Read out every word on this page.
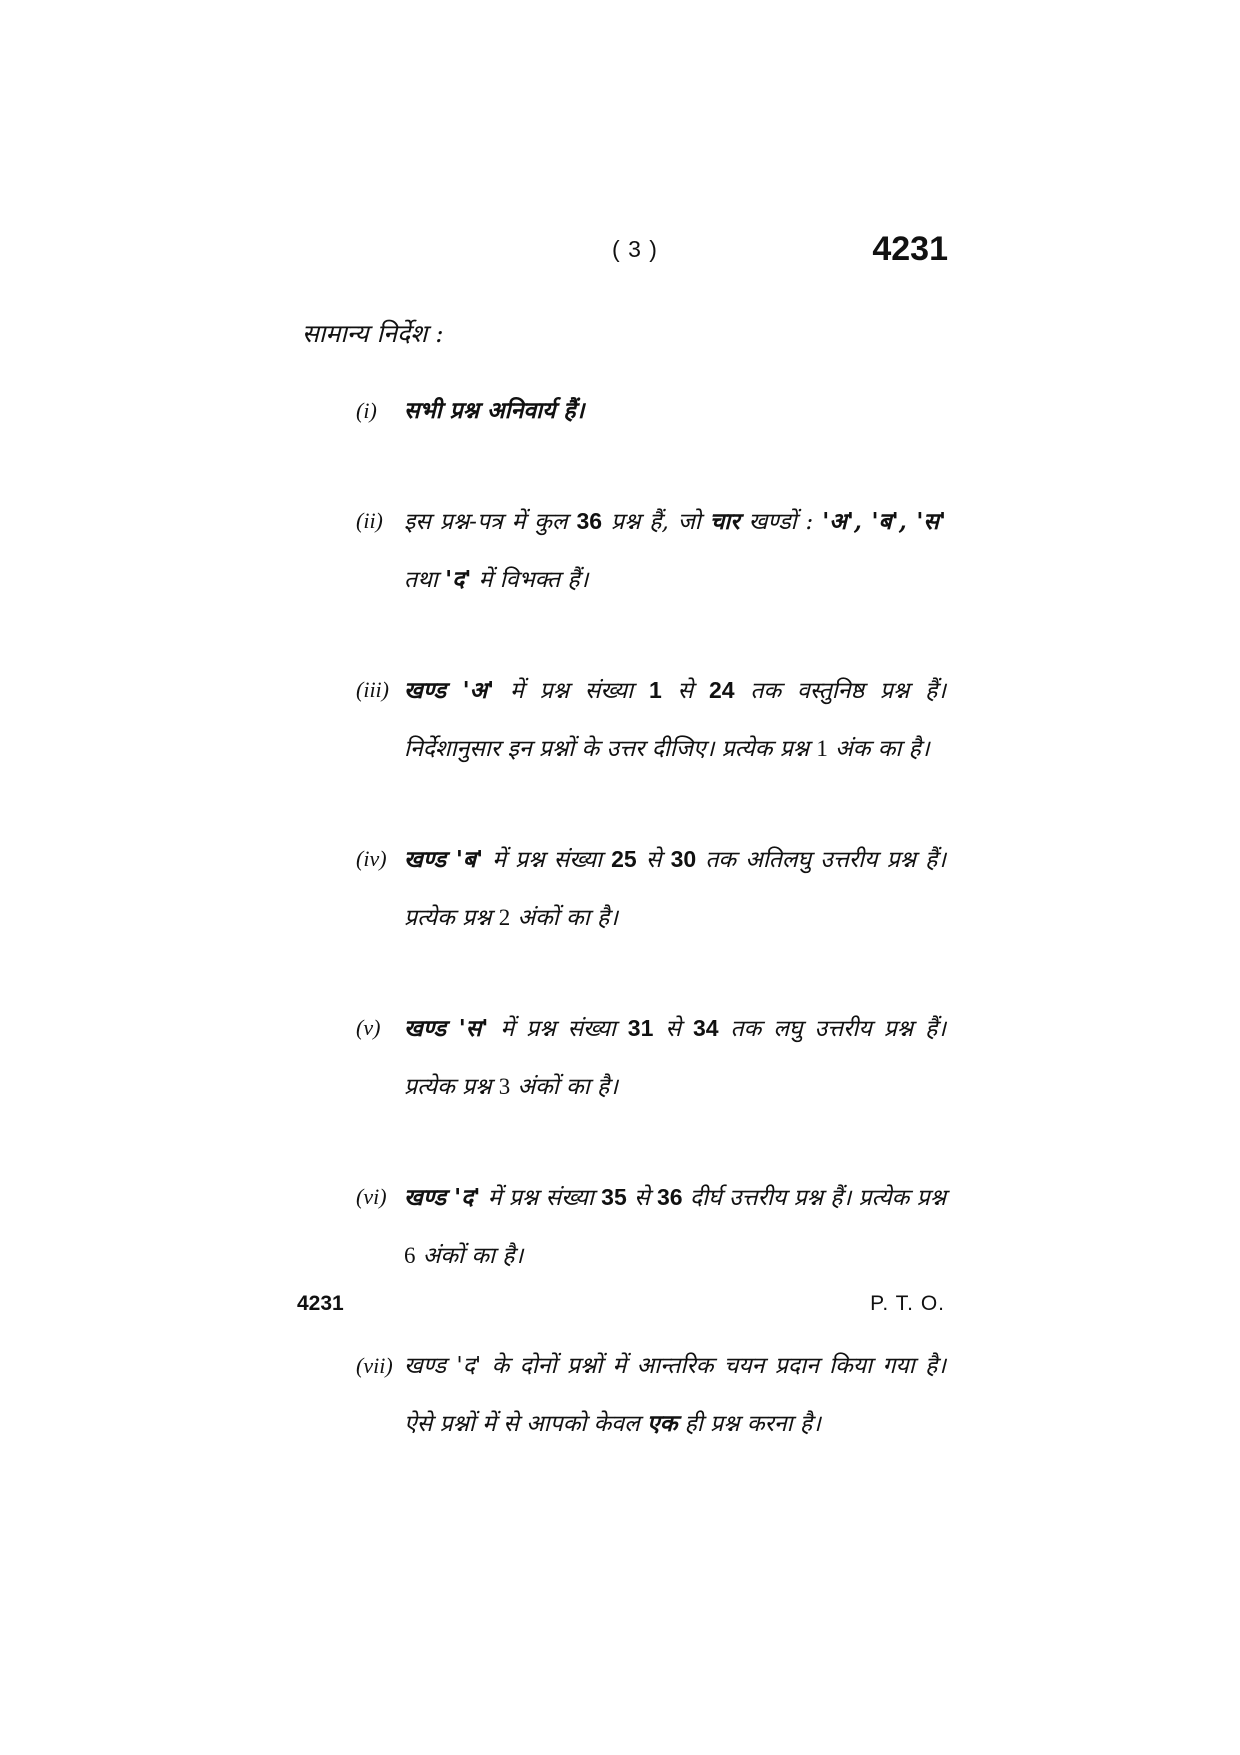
( 3 )	4231
सामान्य निर्देश :
(i) सभी प्रश्न अनिवार्य हैं।
(ii) इस प्रश्न-पत्र में कुल 36 प्रश्न हैं, जो चार खण्डों : 'अ', 'ब', 'स' तथा 'द' में विभक्त हैं।
(iii) खण्ड 'अ' में प्रश्न संख्या 1 से 24 तक वस्तुनिष्ठ प्रश्न हैं। निर्देशानुसार इन प्रश्नों के उत्तर दीजिए। प्रत्येक प्रश्न 1 अंक का है।
(iv) खण्ड 'ब' में प्रश्न संख्या 25 से 30 तक अतिलघु उत्तरीय प्रश्न हैं। प्रत्येक प्रश्न 2 अंकों का है।
(v) खण्ड 'स' में प्रश्न संख्या 31 से 34 तक लघु उत्तरीय प्रश्न हैं। प्रत्येक प्रश्न 3 अंकों का है।
(vi) खण्ड 'द' में प्रश्न संख्या 35 से 36 दीर्घ उत्तरीय प्रश्न हैं। प्रत्येक प्रश्न 6 अंकों का है।
(vii) खण्ड 'द' के दोनों प्रश्नों में आन्तरिक चयन प्रदान किया गया है। ऐसे प्रश्नों में से आपको केवल एक ही प्रश्न करना है।
4231	P. T. O.
